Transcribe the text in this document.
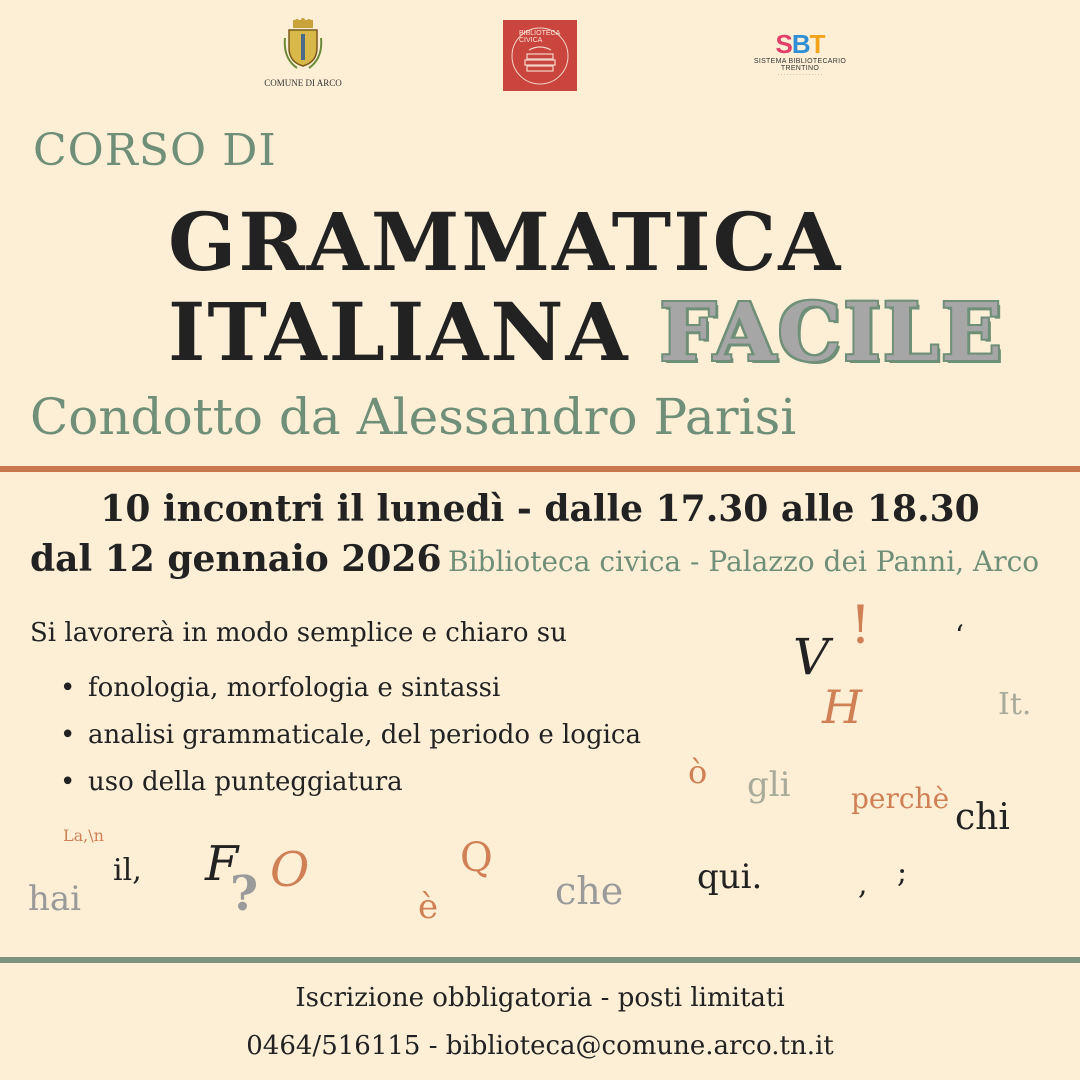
COMUNE DI ARCO
BIBLIOTECA CIVICA	SBT
SISTEMA BIBLIOTECARIO TRENTINO
· · · · · · · · · · · · · · ·
CORSO DI
GRAMMATICA
ITALIANA FACILE
Condotto da Alessandro Parisi
10 incontri il lunedì - dalle 17.30 alle 18.30
dal 12 gennaio 2026 Biblioteca civica - Palazzo dei Panni, Arco
Si lavorerà in modo semplice e chiaro su
• fonologia, morfologia e sintassi
• analisi grammaticale, del periodo e logica
• uso della punteggiatura
V
!	‘
H	It.
ò gli perchè chi
La,\n
il, F
? O	Q
è	che
hai
qui.	, ;
Iscrizione obbligatoria - posti limitati
0464/516115 - biblioteca@comune.arco.tn.it
